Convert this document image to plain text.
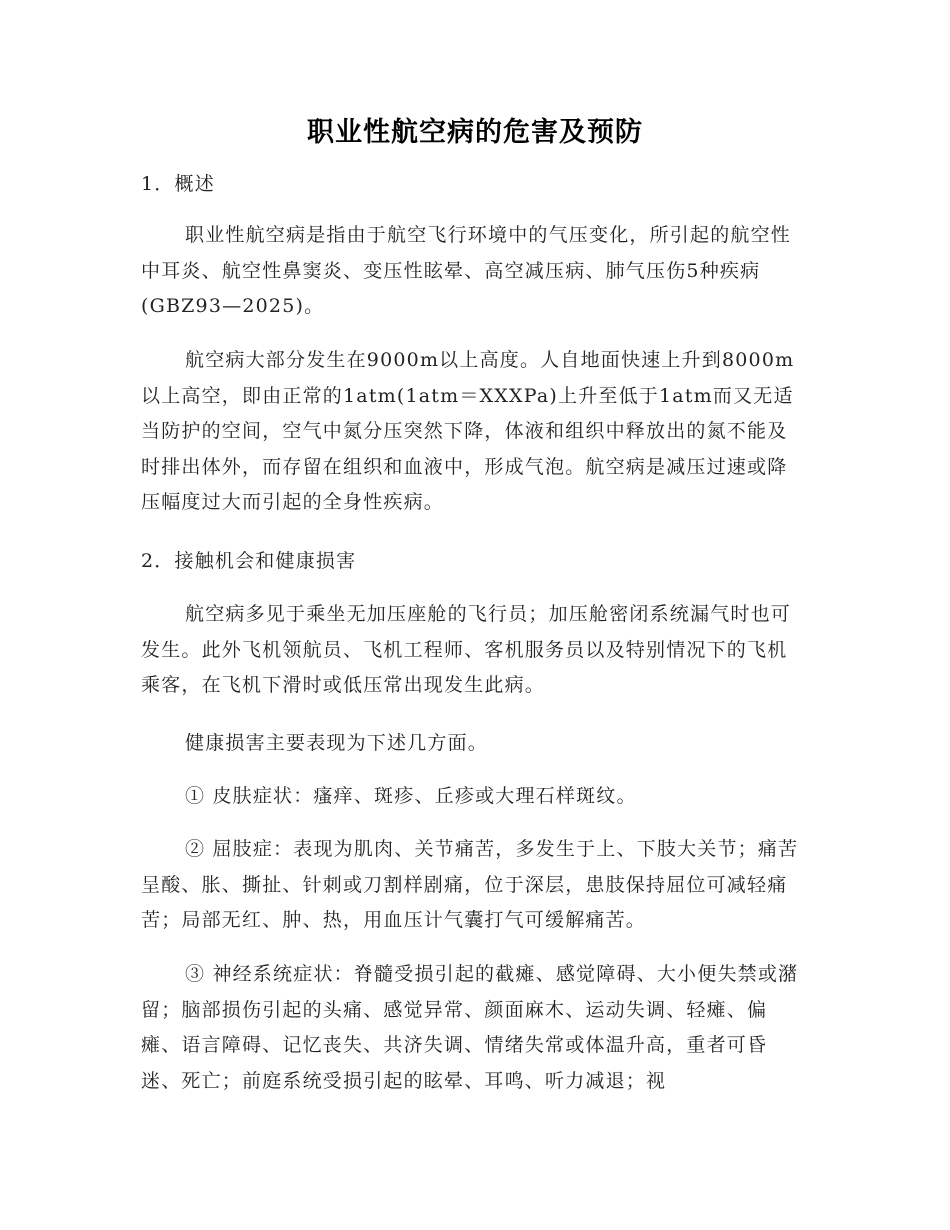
职业性航空病的危害及预防

1．概述

职业性航空病是指由于航空飞行环境中的气压变化，所引起的航空性中耳炎、航空性鼻窦炎、变压性眩晕、高空减压病、肺气压伤5种疾病(GBZ93—2025)。

航空病大部分发生在9000m以上高度。人自地面快速上升到8000m以上高空，即由正常的1atm(1atm＝XXXPa)上升至低于1atm而又无适当防护的空间，空气中氮分压突然下降，体液和组织中释放出的氮不能及时排出体外，而存留在组织和血液中，形成气泡。航空病是减压过速或降压幅度过大而引起的全身性疾病。

2．接触机会和健康损害

航空病多见于乘坐无加压座舱的飞行员；加压舱密闭系统漏气时也可发生。此外飞机领航员、飞机工程师、客机服务员以及特别情况下的飞机乘客，在飞机下滑时或低压常出现发生此病。

健康损害主要表现为下述几方面。

① 皮肤症状：瘙痒、斑疹、丘疹或大理石样斑纹。

② 屈肢症：表现为肌肉、关节痛苦，多发生于上、下肢大关节；痛苦呈酸、胀、撕扯、针刺或刀割样剧痛，位于深层，患肢保持屈位可减轻痛苦；局部无红、肿、热，用血压计气囊打气可缓解痛苦。

③ 神经系统症状：脊髓受损引起的截瘫、感觉障碍、大小便失禁或潴留；脑部损伤引起的头痛、感觉异常、颜面麻木、运动失调、轻瘫、偏瘫、语言障碍、记忆丧失、共济失调、情绪失常或体温升高，重者可昏迷、死亡；前庭系统受损引起的眩晕、耳鸣、听力减退；视
